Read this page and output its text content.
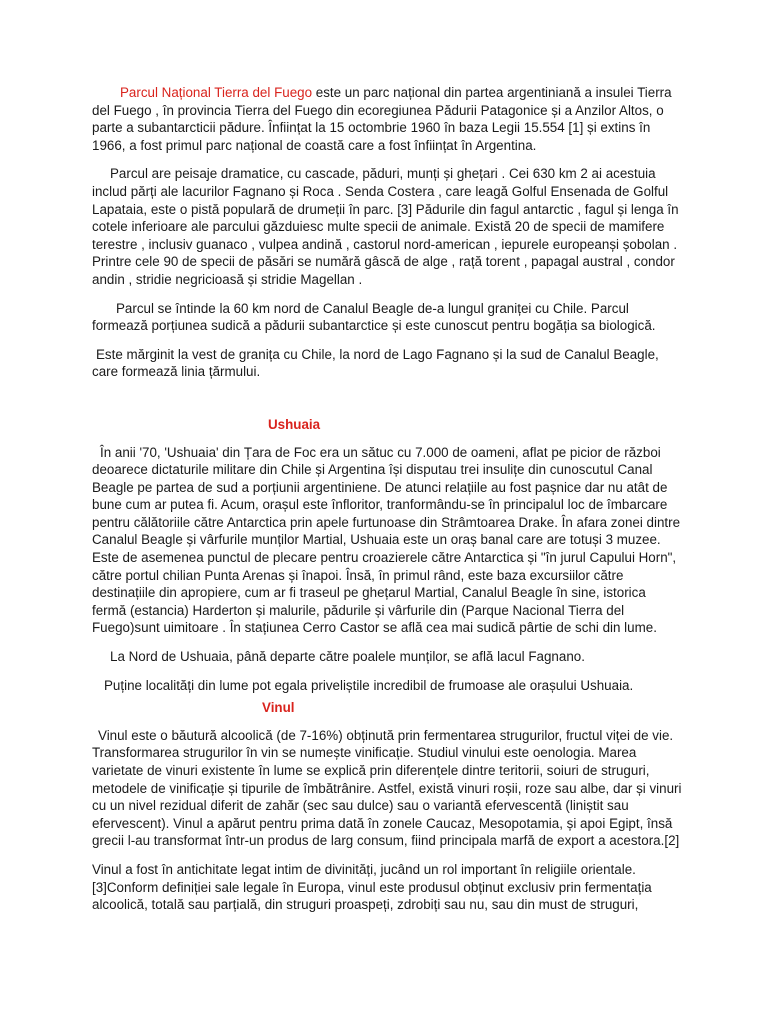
Parcul Național Tierra del Fuego este un parc național din partea argentiniană a insulei Tierra del Fuego , în provincia Tierra del Fuego din ecoregiunea Pădurii Patagonice și a Anzilor Altos, o parte a subantarcticii pădure. Înființat la 15 octombrie 1960 în baza Legii 15.554 [1] și extins în 1966, a fost primul parc național de coastă care a fost înființat în Argentina.

Parcul are peisaje dramatice, cu cascade, păduri, munți și ghețari . Cei 630 km 2 ai acestuia includ părți ale lacurilor Fagnano și Roca . Senda Costera , care leagă Golful Ensenada de Golful Lapataia, este o pistă populară de drumeții în parc. [3] Pădurile din fagul antarctic , fagul și lenga în cotele inferioare ale parcului găzduiesc multe specii de animale. Există 20 de specii de mamifere terestre , inclusiv guanaco , vulpea andină , castorul nord-american , iepurele europeanși șobolan . Printre cele 90 de specii de păsări se numără gâscă de alge , rață torent , papagal austral , condor andin , stridie negricioasă și stridie Magellan .

Parcul se întinde la 60 km nord de Canalul Beagle de-a lungul graniței cu Chile. Parcul formează porțiunea sudică a pădurii subantarctice și este cunoscut pentru bogăția sa biologică.

Este mărginit la vest de granița cu Chile, la nord de Lago Fagnano și la sud de Canalul Beagle, care formează linia țărmului.

Ushuaia

În anii '70, 'Ushuaia' din Țara de Foc era un sătuc cu 7.000 de oameni, aflat pe picior de război deoarece dictaturile militare din Chile și Argentina își disputau trei insulițe din cunoscutul Canal Beagle pe partea de sud a porțiunii argentiniene. De atunci relațiile au fost pașnice dar nu atât de bune cum ar putea fi. Acum, orașul este înfloritor, tranformându-se în principalul loc de îmbarcare pentru călătoriile către Antarctica prin apele furtunoase din Strâmtoarea Drake. În afara zonei dintre Canalul Beagle și vârfurile munților Martial, Ushuaia este un oraș banal care are totuși 3 muzee. Este de asemenea punctul de plecare pentru croazierele către Antarctica și "în jurul Capului Horn", către portul chilian Punta Arenas și înapoi. Însă, în primul rând, este baza excursiilor către destinațiile din apropiere, cum ar fi traseul pe ghețarul Martial, Canalul Beagle în sine, istorica fermă (estancia) Harderton și malurile, pădurile și vârfurile din (Parque Nacional Tierra del Fuego)sunt uimitoare . În stațiunea Cerro Castor se află cea mai sudică pârtie de schi din lume.

La Nord de Ushuaia, până departe către poalele munților, se află lacul Fagnano.

Puține localități din lume pot egala priveliștile incredibil de frumoase ale orașului Ushuaia.

Vinul

Vinul este o băutură alcoolică (de 7-16%) obținută prin fermentarea strugurilor, fructul viței de vie. Transformarea strugurilor în vin se numește vinificație. Studiul vinului este oenologia. Marea varietate de vinuri existente în lume se explică prin diferențele dintre teritorii, soiuri de struguri, metodele de vinificație și tipurile de îmbătrânire. Astfel, există vinuri roșii, roze sau albe, dar și vinuri cu un nivel rezidual diferit de zahăr (sec sau dulce) sau o variantă efervescentă (liniștit sau efervescent). Vinul a apărut pentru prima dată în zonele Caucaz, Mesopotamia, și apoi Egipt, însă grecii l-au transformat într-un produs de larg consum, fiind principala marfă de export a acestora.[2]

Vinul a fost în antichitate legat intim de divinități, jucând un rol important în religiile orientale. [3]Conform definiției sale legale în Europa, vinul este produsul obținut exclusiv prin fermentația alcoolică, totală sau parțială, din struguri proaspeți, zdrobiți sau nu, sau din must de struguri,
